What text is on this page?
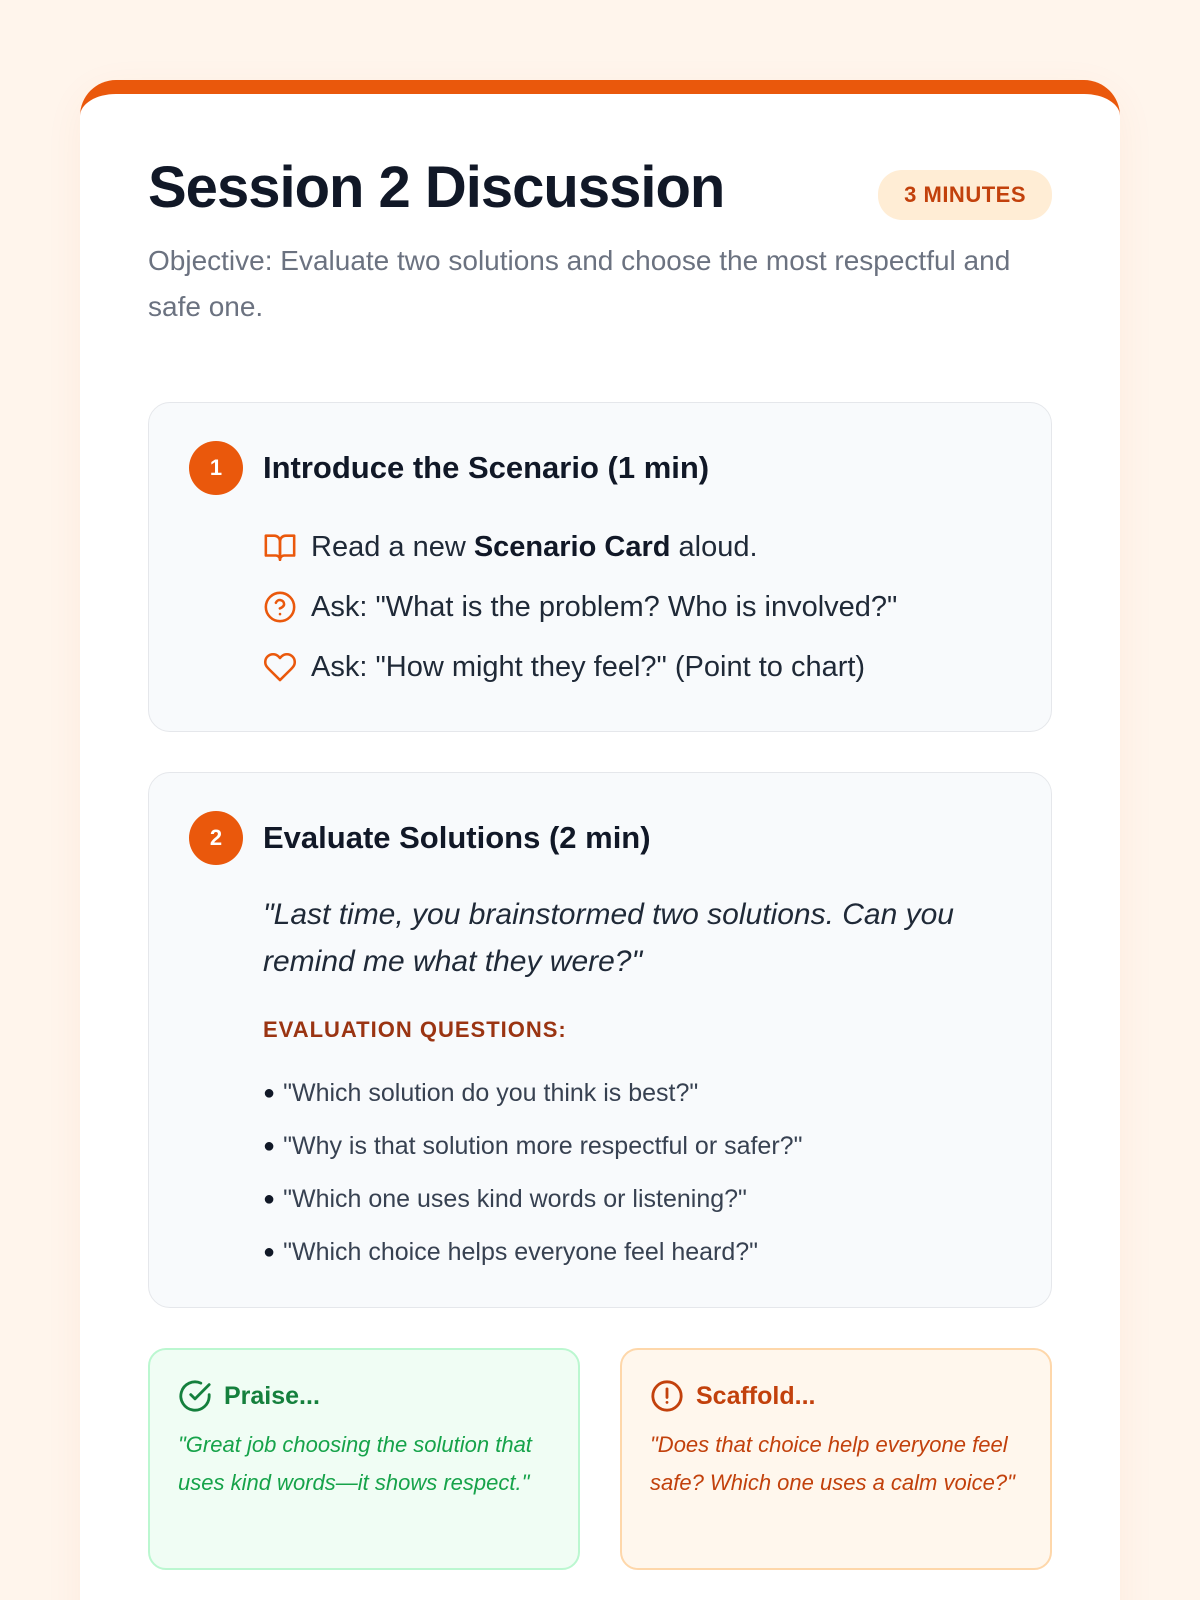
Session 2 Discussion	3 MINUTES

Objective: Evaluate two solutions and choose the most respectful and safe one.

1	Introduce the Scenario (1 min)
Read a new Scenario Card aloud.
Ask: "What is the problem? Who is involved?"
Ask: "How might they feel?" (Point to chart)
2	Evaluate Solutions (2 min)

"Last time, you brainstormed two solutions. Can you remind me what they were?"

EVALUATION QUESTIONS:
● "Which solution do you think is best?"
● "Why is that solution more respectful or safer?"
● "Which one uses kind words or listening?"
● "Which choice helps everyone feel heard?"
Praise...

"Great job choosing the solution that uses kind words—it shows respect."

Scaffold...

"Does that choice help everyone feel safe? Which one uses a calm voice?"
